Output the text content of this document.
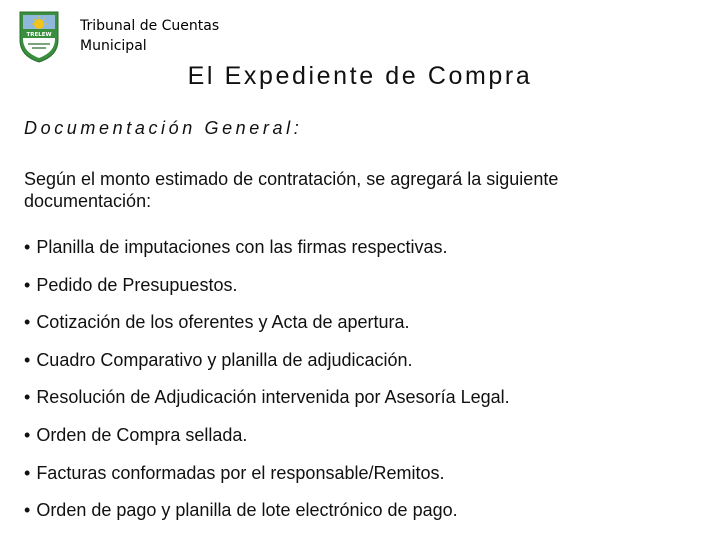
TRELEW
Tribunal de Cuentas
Municipal
El Expediente de Compra
Documentación General:
Según el monto estimado de contratación, se agregará la siguiente documentación:
• Planilla de imputaciones con las firmas respectivas.
• Pedido de Presupuestos.
• Cotización de los oferentes y Acta de apertura.
• Cuadro Comparativo y planilla de adjudicación.
• Resolución de Adjudicación intervenida por Asesoría Legal.
• Orden de Compra sellada.
• Facturas conformadas por el responsable/Remitos.
• Orden de pago y planilla de lote electrónico de pago.
